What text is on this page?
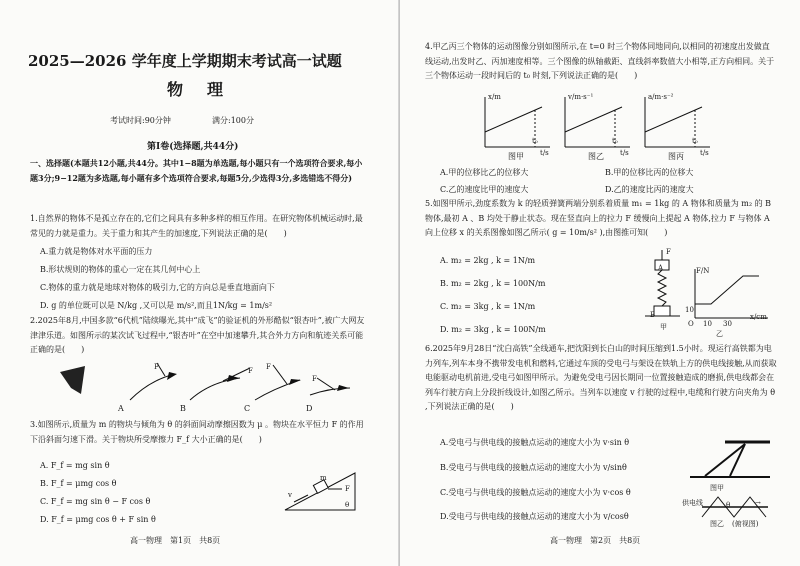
2025—2026 学年度上学期期末考试高一试题
物　理
考试时间:90分钟	满分:100分
第Ⅰ卷(选择题,共44分)
一、选择题(本题共12小题,共44分。其中1−8题为单选题,每小题只有一个选项符合要求,每小题3分;9−12题为多选题,每小题有多个选项符合要求,每题5分,少选得3分,多选错选不得分)
1.自然界的物体不是孤立存在的,它们之间具有多种多样的相互作用。在研究物体机械运动时,最常见的力就是重力。关于重力和其产生的加速度,下列说法正确的是(　　)
A.重力就是物体对水平面的压力
B.形状规则的物体的重心一定在其几何中心上
C.物体的重力就是地球对物体的吸引力,它的方向总是垂直地面向下
D. g 的单位既可以是 N/kg ,又可以是 m/s²,而且1N/kg = 1m/s²
2.2025年8月,中国多款“6代机”陆续曝光,其中“成飞”的验证机的外形酷似“银杏叶”,被广大网友津津乐道。如图所示的某次试飞过程中,“银杏叶”在空中加速攀升,其合外力方向和航迹关系可能正确的是(　　)
F	F F
F
A	B	C	D
3.如图所示,质量为 m 的物块与倾角为 θ 的斜面间动摩擦因数为 μ 。物块在水平恒力 F 的作用下沿斜面匀速下滑。关于物块所受摩擦力 F_f 大小正确的是(　　)
A. F_f = mg sin θ
B. F_f = μmg cos θ
C. F_f = mg sin θ − F cos θ
D. F_f = μmg cos θ + F sin θ
m
F
v
θ
高一物理　第1页　共8页
4.甲乙丙三个物体的运动图像分别如图所示,在 t=0 时三个物体同地同向,以相同的初速度出发做直线运动,出发时乙、丙加速度相等。三个图像的纵轴截距、直线斜率数值大小相等,正方向相同。关于三个物体运动一段时间后的 t₀ 时刻,下列说法正确的是(　　)
x/m	v/m·s⁻¹	a/m·s⁻²
t₀	t₀	t₀
t/s	t/s	t/s
图甲	图乙	图丙
A.甲的位移比乙的位移大	B.甲的位移比丙的位移大
C.乙的速度比甲的速度大	D.乙的速度比丙的速度大
5.如图甲所示,劲度系数为 k 的轻质弹簧两端分别系着质量 m₁ = 1kg 的 A 物体和质量为 m₂ 的 B 物体,最初 A 、B 均处于静止状态。现在竖直向上的拉力 F 缓慢向上提起 A 物体,拉力 F 与物体 A 向上位移 x 的关系图像如图乙所示( g = 10m/s² ),由图推可知(　　)
A. m₂ = 2kg , k = 1N/m
B. m₂ = 2kg , k = 100N/m
C. m₂ = 3kg , k = 1N/m
D. m₂ = 3kg , k = 100N/m
F
A
B
甲
F/N
x/cm
10
O 10 30
乙
6.2025年9月28日“沈白高铁”全线通车,把沈阳到长白山的时间压缩到1.5小时。现运行高铁都为电力列车,列车本身不携带发电机和燃料,它通过车顶的受电弓与架设在铁轨上方的供电线接触,从而获取电能驱动电机前进,受电弓如图甲所示。为避免受电弓因长期同一位置接触造成的磨损,供电线都会在列车行驶方向上分段折线设计,如图乙所示。当列车以速度 v 行驶的过程中,电缆和行驶方向夹角为 θ ,下列说法正确的是(　　)
A.受电弓与供电线的接触点运动的速度大小为 v·sin θ
B.受电弓与供电线的接触点运动的速度大小为 v/sinθ
C.受电弓与供电线的接触点运动的速度大小为 v·cos θ
D.受电弓与供电线的接触点运动的速度大小为 v/cosθ
图甲
供电线	θ	→
图乙 (俯视图)
高一物理　第2页　共8页
